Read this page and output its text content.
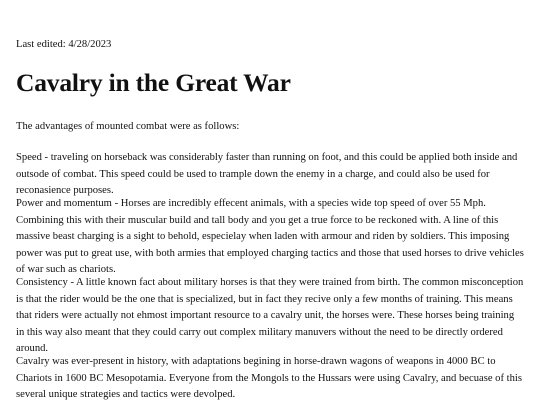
Last edited: 4/28/2023
Cavalry in the Great War

The advantages of mounted combat were as follows:

Speed - traveling on horseback was considerably faster than running on foot, and this could be applied both inside and outsode of combat. This speed could be used to trample down the enemy in a charge, and could also be used for reconasience purposes.

Power and momentum - Horses are incredibly effecent animals, with a species wide top speed of over 55 Mph. Combining this with their muscular build and tall body and you get a true force to be reckoned with. A line of this massive beast charging is a sight to behold, especielay when laden with armour and riden by soldiers. This imposing power was put to great use, with both armies that employed charging tactics and those that used horses to drive vehicles of war such as chariots.

Consistency - A little known fact about military horses is that they were trained from birth. The common misconception is that the rider would be the one that is specialized, but in fact they recive only a few months of training. This means that riders were actually not ehmost important resource to a cavalry unit, the horses were. These horses being training in this way also meant that they could carry out complex military manuvers without the need to be directly ordered around.

Cavalry was ever-present in history, with adaptations begining in horse-drawn wagons of weapons in 4000 BC to Chariots in 1600 BC Mesopotamia. Everyone from the Mongols to the Hussars were using Cavalry, and becuase of this several unique strategies and tactics were devolped.
